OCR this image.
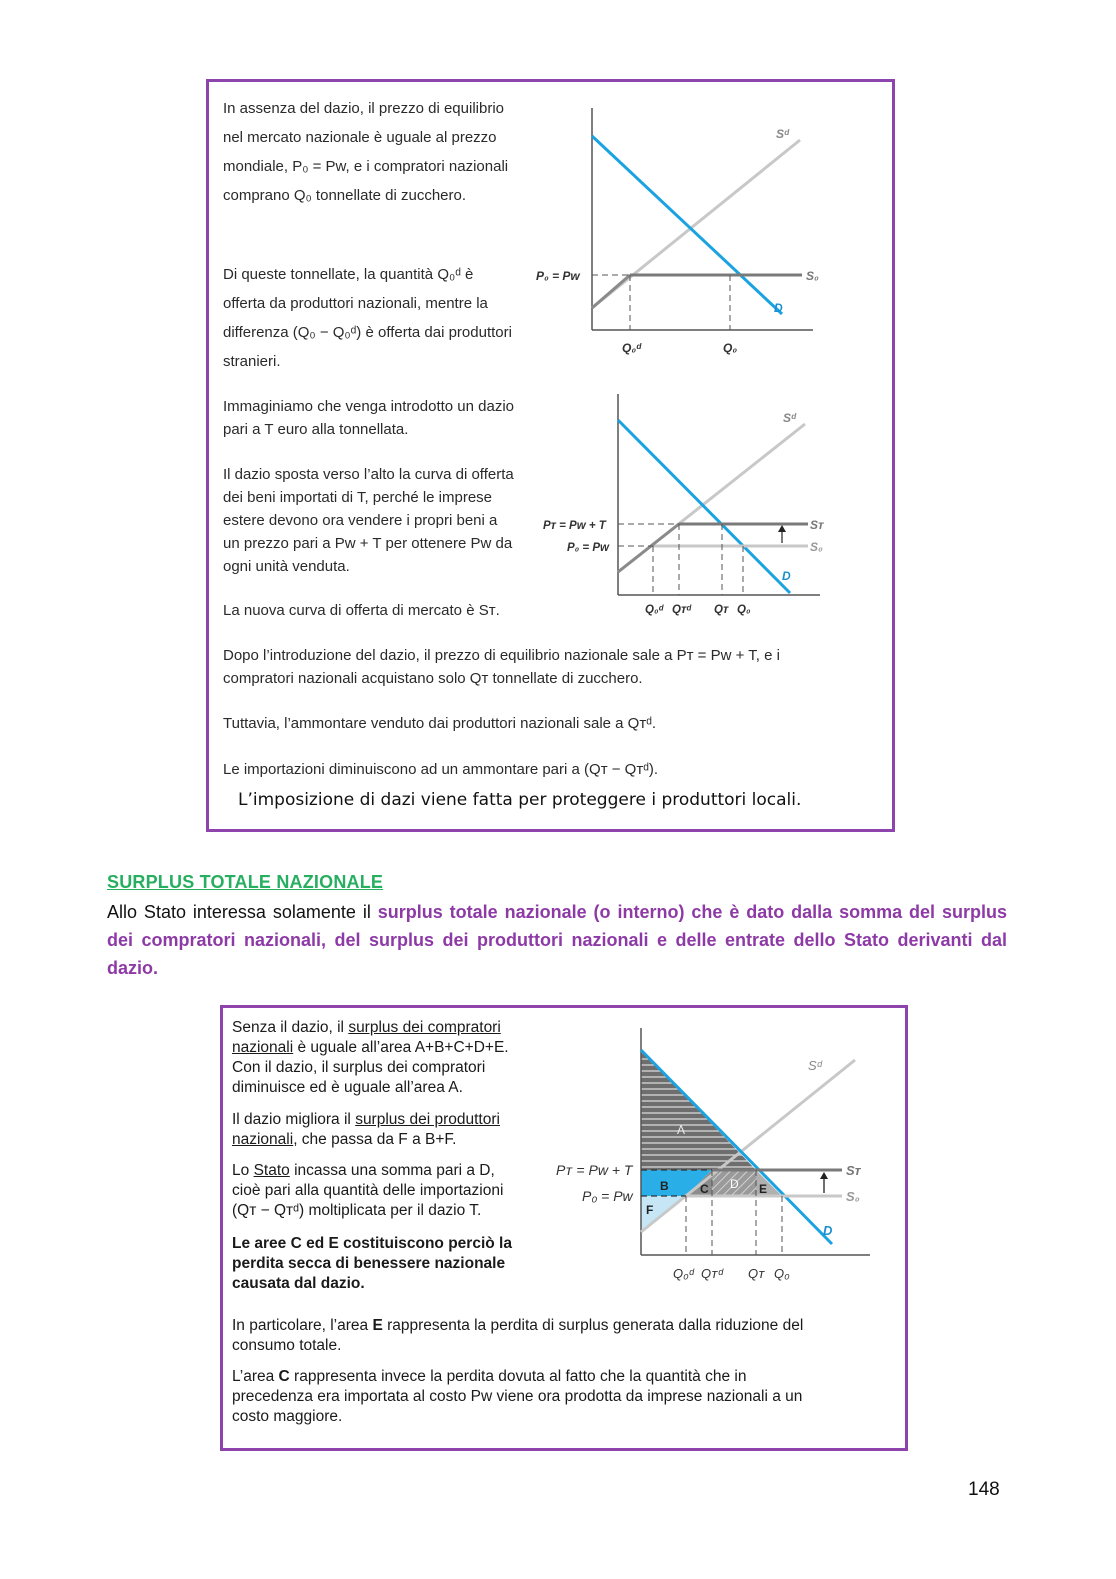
In assenza del dazio, il prezzo di equilibrio
nel mercato nazionale è uguale al prezzo
mondiale, P₀ = Pw, e i compratori nazionali
comprano Q₀ tonnellate di zucchero.
Di queste tonnellate, la quantità Q₀ᵈ è
offerta da produttori nazionali, mentre la
differenza (Q₀ − Q₀ᵈ) è offerta dai produttori
stranieri.
Immaginiamo che venga introdotto un dazio
pari a T euro alla tonnellata.
Il dazio sposta verso l’alto la curva di offerta
dei beni importati di T, perché le imprese
estere devono ora vendere i propri beni a
un prezzo pari a Pw + T per ottenere Pw da
ogni unità venduta.
La nuova curva di offerta di mercato è Sᴛ.
Dopo l’introduzione del dazio, il prezzo di equilibrio nazionale sale a Pᴛ = Pw + T, e i
compratori nazionali acquistano solo Qᴛ tonnellate di zucchero.
Tuttavia, l’ammontare venduto dai produttori nazionali sale a Qᴛᵈ.
Le importazioni diminuiscono ad un ammontare pari a (Qᴛ − Qᴛᵈ).
L’imposizione di dazi viene fatta per proteggere i produttori locali.
Sᵈ
P₀ = Pw	S₀
D
Q₀ᵈ	Q₀
Sᵈ
Pᴛ = Pw + T
P₀ = Pw
Sᴛ
S₀
D
Q₀ᵈ Qᴛᵈ Qᴛ Q₀
SURPLUS TOTALE NAZIONALE
Allo Stato interessa solamente il surplus totale nazionale (o interno) che è dato dalla somma del surplus dei compratori nazionali, del surplus dei produttori nazionali e delle entrate dello Stato derivanti dal dazio.
Senza il dazio, il surplus dei compratori
nazionali è uguale all’area A+B+C+D+E.
Con il dazio, il surplus dei compratori
diminuisce ed è uguale all’area A.
Il dazio migliora il surplus dei produttori
nazionali, che passa da F a B+F.
Lo Stato incassa una somma pari a D,
cioè pari alla quantità delle importazioni
(Qᴛ − Qᴛᵈ) moltiplicata per il dazio T.
Le aree C ed E costituiscono perciò la
perdita secca di benessere nazionale
causata dal dazio.
In particolare, l’area E rappresenta la perdita di surplus generata dalla riduzione del
consumo totale.
L’area C rappresenta invece la perdita dovuta al fatto che la quantità che in
precedenza era importata al costo Pw viene ora prodotta da imprese nazionali a un
costo maggiore.
A
B	C D E
F
Sᵈ
Pᴛ = Pw + T
P₀ = Pw
Sᴛ
S₀
D
Q₀ᵈ Qᴛᵈ Qᴛ Q₀
148
